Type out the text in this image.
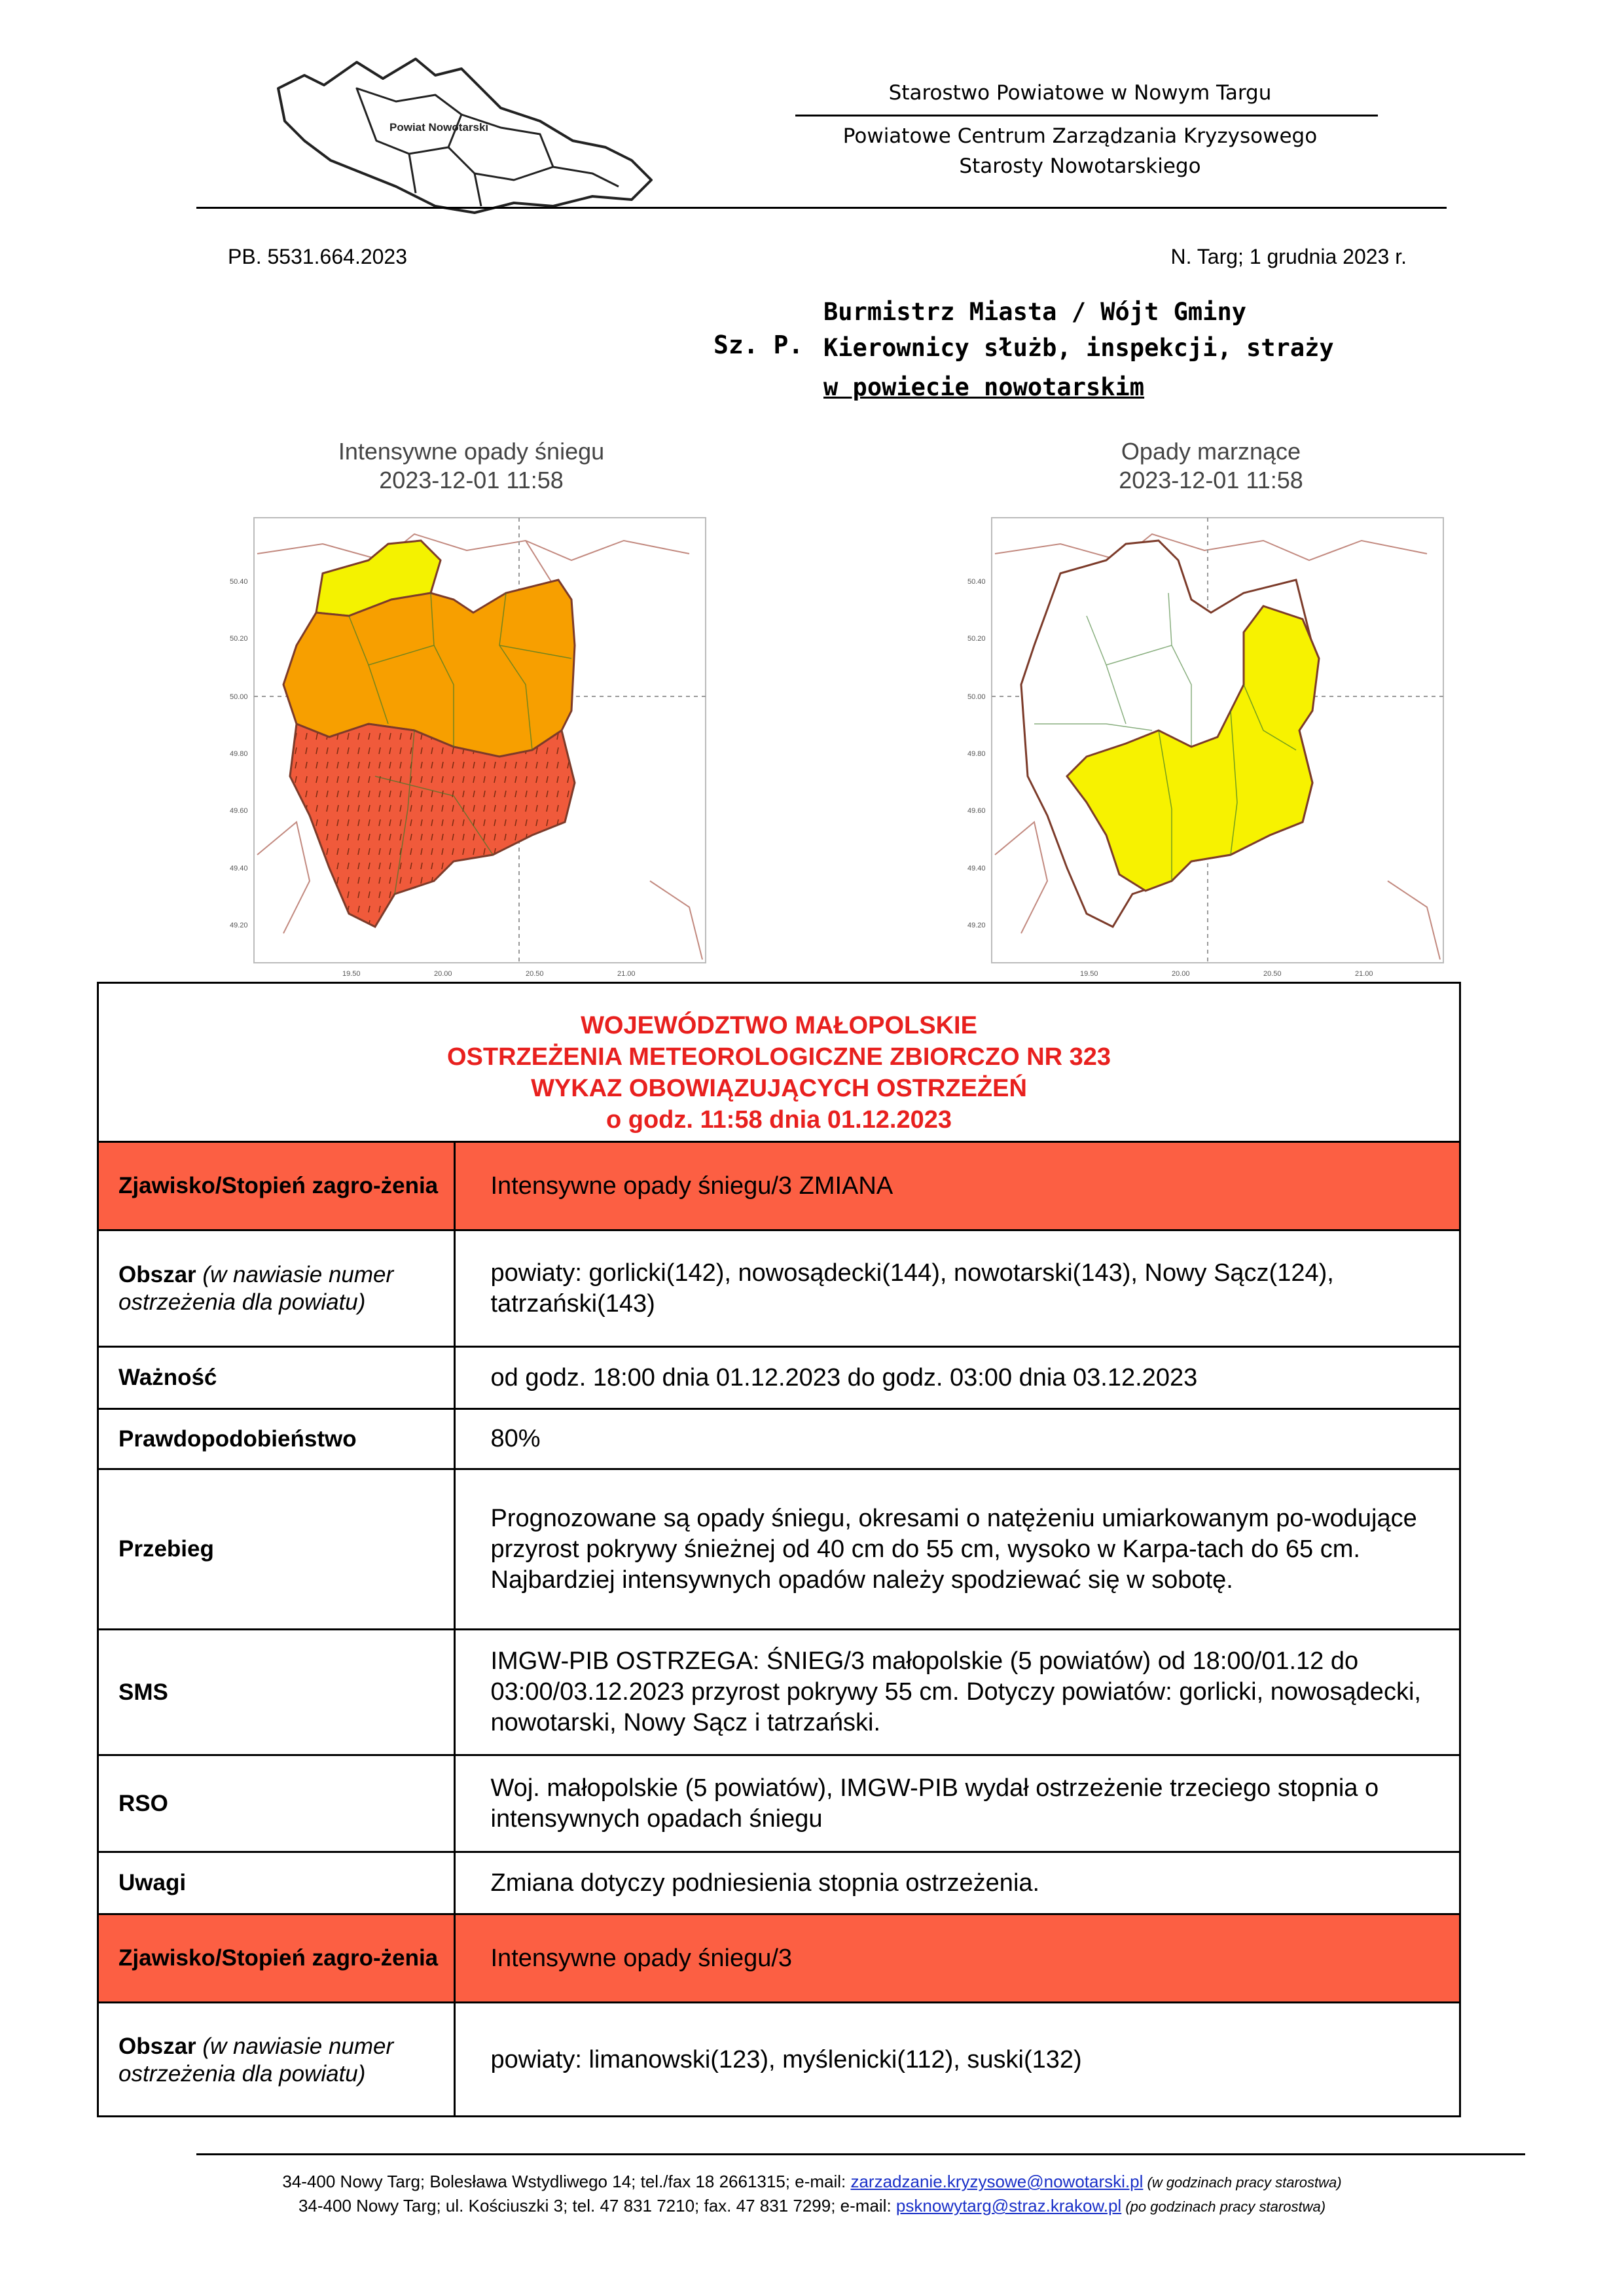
Powiat Nowotarski
Starostwo Powiatowe w Nowym Targu
Powiatowe Centrum Zarządzania Kryzysowego
Starosty Nowotarskiego
PB. 5531.664.2023	N. Targ; 1 grudnia 2023 r.
Sz. P.
Burmistrz Miasta / Wójt Gminy
Kierownicy służb, inspekcji, straży
w powiecie nowotarskim
Intensywne opady śniegu
2023-12-01 11:58
Opady marznące
2023-12-01 11:58
50.40
50.20
50.00
49.80
49.60
49.40
49.20
19.50	20.00	20.50	21.00
50.40
50.20
50.00
49.80
49.60
49.40
49.20
19.50	20.00	20.50	21.00
WOJEWÓDZTWO MAŁOPOLSKIE
OSTRZEŻENIA METEOROLOGICZNE ZBIORCZO NR 323
WYKAZ OBOWIĄZUJĄCYCH OSTRZEŻEŃ
o godz. 11:58 dnia 01.12.2023
Zjawisko/Stopień zagro-żenia	Intensywne opady śniegu/3 ZMIANA
Obszar (w nawiasie numer ostrzeżenia dla powiatu)	powiaty: gorlicki(142), nowosądecki(144), nowotarski(143), Nowy Sącz(124), tatrzański(143)
Ważność	od godz. 18:00 dnia 01.12.2023 do godz. 03:00 dnia 03.12.2023
Prawdopodobieństwo	80%
Przebieg	Prognozowane są opady śniegu, okresami o natężeniu umiarkowanym po-wodujące przyrost pokrywy śnieżnej od 40 cm do 55 cm, wysoko w Karpa-tach do 65 cm. Najbardziej intensywnych opadów należy spodziewać się w sobotę.
SMS	IMGW-PIB OSTRZEGA: ŚNIEG/3 małopolskie (5 powiatów) od 18:00/01.12 do 03:00/03.12.2023 przyrost pokrywy 55 cm. Dotyczy powiatów: gorlicki, nowosądecki, nowotarski, Nowy Sącz i tatrzański.
RSO	Woj. małopolskie (5 powiatów), IMGW-PIB wydał ostrzeżenie trzeciego stopnia o intensywnych opadach śniegu
Uwagi	Zmiana dotyczy podniesienia stopnia ostrzeżenia.
Zjawisko/Stopień zagro-żenia	Intensywne opady śniegu/3
Obszar (w nawiasie numer ostrzeżenia dla powiatu)	powiaty: limanowski(123), myślenicki(112), suski(132)
34-400 Nowy Targ; Bolesława Wstydliwego 14; tel./fax 18 2661315; e-mail: zarzadzanie.kryzysowe@nowotarski.pl (w godzinach pracy starostwa)
34-400 Nowy Targ; ul. Kościuszki 3; tel. 47 831 7210; fax. 47 831 7299; e-mail: psknowytarg@straz.krakow.pl (po godzinach pracy starostwa)
